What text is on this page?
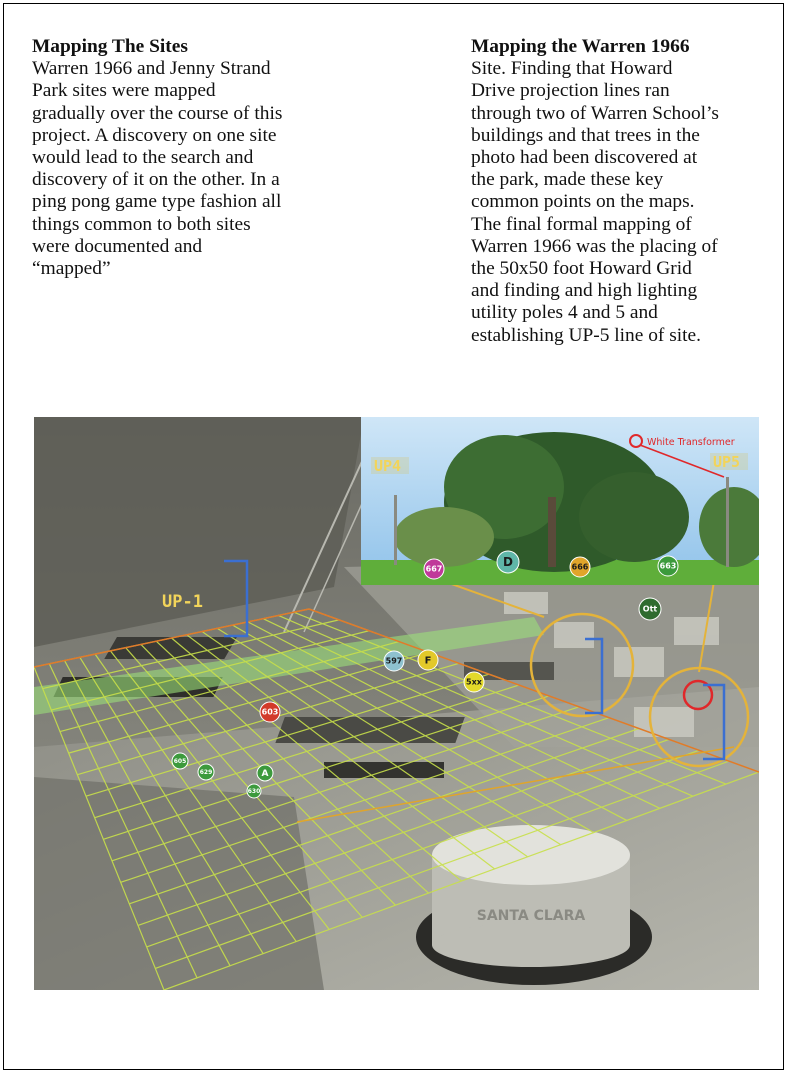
Mapping The Sites

Warren 1966 and Jenny Strand
Park sites were mapped
gradually over the course of this
project. A discovery on one site
would lead to the search and
discovery of it on the other. In a
ping pong game type fashion all
things common to both sites
were documented and
“mapped”

Mapping the Warren 1966

Site. Finding that Howard
Drive projection lines ran
through two of Warren School’s
buildings and that trees in the
photo had been discovered at
the park, made these key
common points on the maps.
The final formal mapping of
Warren 1966 was the placing of
the 50x50 foot Howard Grid
and finding and high lighting
utility poles 4 and 5 and
establishing UP-5 line of site.

SANTA CLARA
UP-1	Ott
597 F
5xx
603
605
629	A
630
UP4	UP5
White Transformer
667
D	666	663
